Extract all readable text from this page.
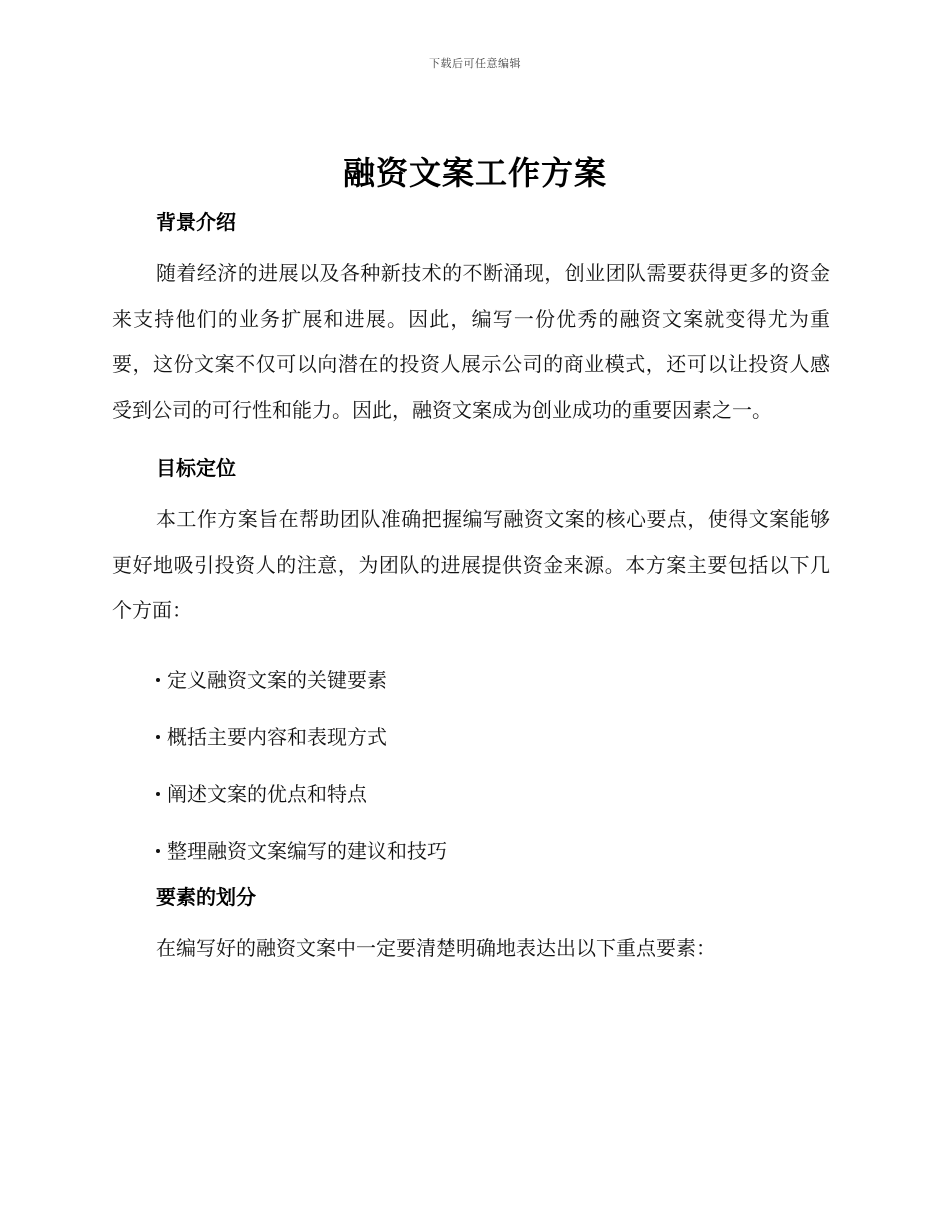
下载后可任意编辑
融资文案工作方案
背景介绍

随着经济的进展以及各种新技术的不断涌现，创业团队需要获得更多的资金来支持他们的业务扩展和进展。因此，编写一份优秀的融资文案就变得尤为重要，这份文案不仅可以向潜在的投资人展示公司的商业模式，还可以让投资人感受到公司的可行性和能力。因此，融资文案成为创业成功的重要因素之一。

目标定位

本工作方案旨在帮助团队准确把握编写融资文案的核心要点，使得文案能够更好地吸引投资人的注意，为团队的进展提供资金来源。本方案主要包括以下几个方面：

定义融资文案的关键要素
概括主要内容和表现方式
阐述文案的优点和特点
整理融资文案编写的建议和技巧
要素的划分

在编写好的融资文案中一定要清楚明确地表达出以下重点要素：
